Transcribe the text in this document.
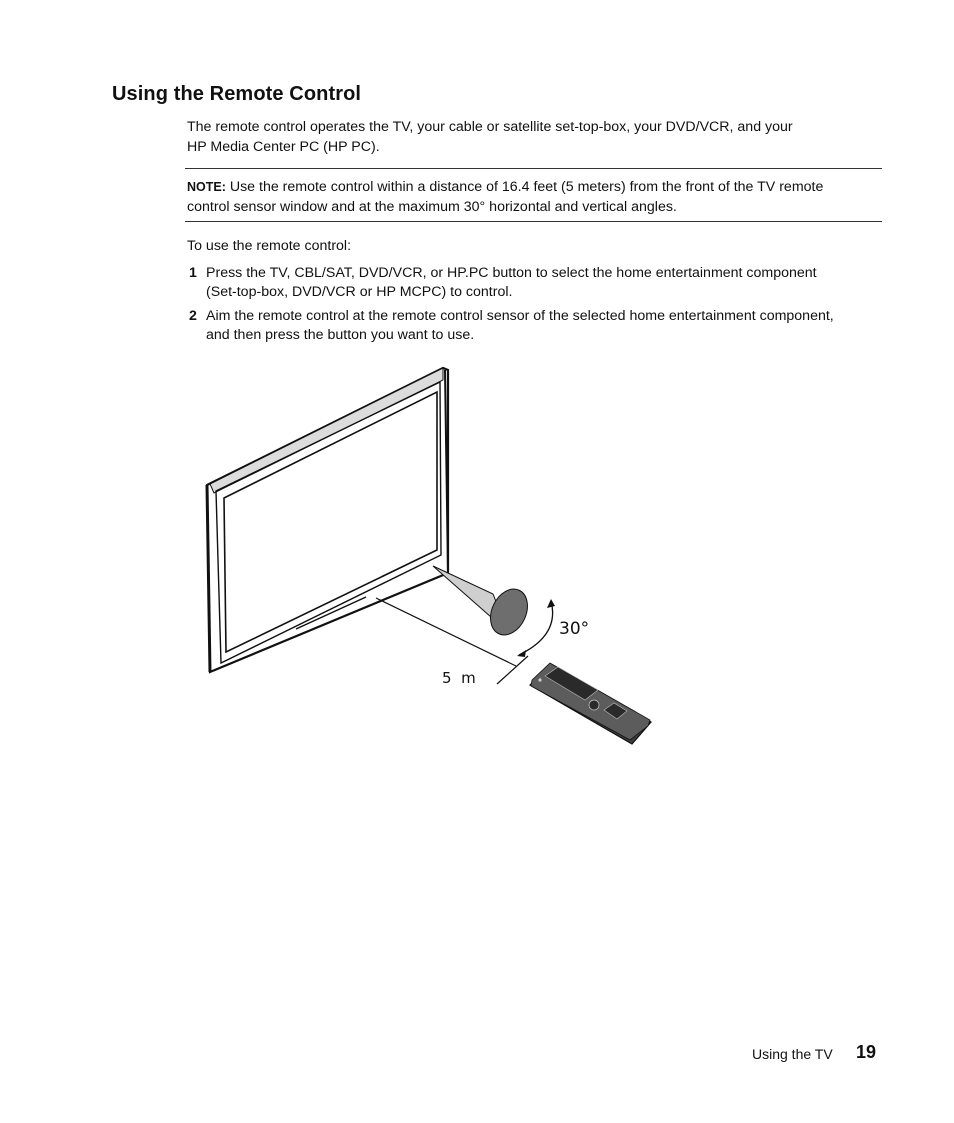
Using the Remote Control
The remote control operates the TV, your cable or satellite set-top-box, your DVD/VCR, and your
HP Media Center PC (HP PC).

NOTE: Use the remote control within a distance of 16.4 feet (5 meters) from the front of the TV remote
control sensor window and at the maximum 30° horizontal and vertical angles.

To use the remote control:

1 Press the TV, CBL/SAT, DVD/VCR, or HP.PC button to select the home entertainment component
(Set-top-box, DVD/VCR or HP MCPC) to control.
2 Aim the remote control at the remote control sensor of the selected home entertainment component,
and then press the button you want to use.
30°
5  m
Using the TV 19
